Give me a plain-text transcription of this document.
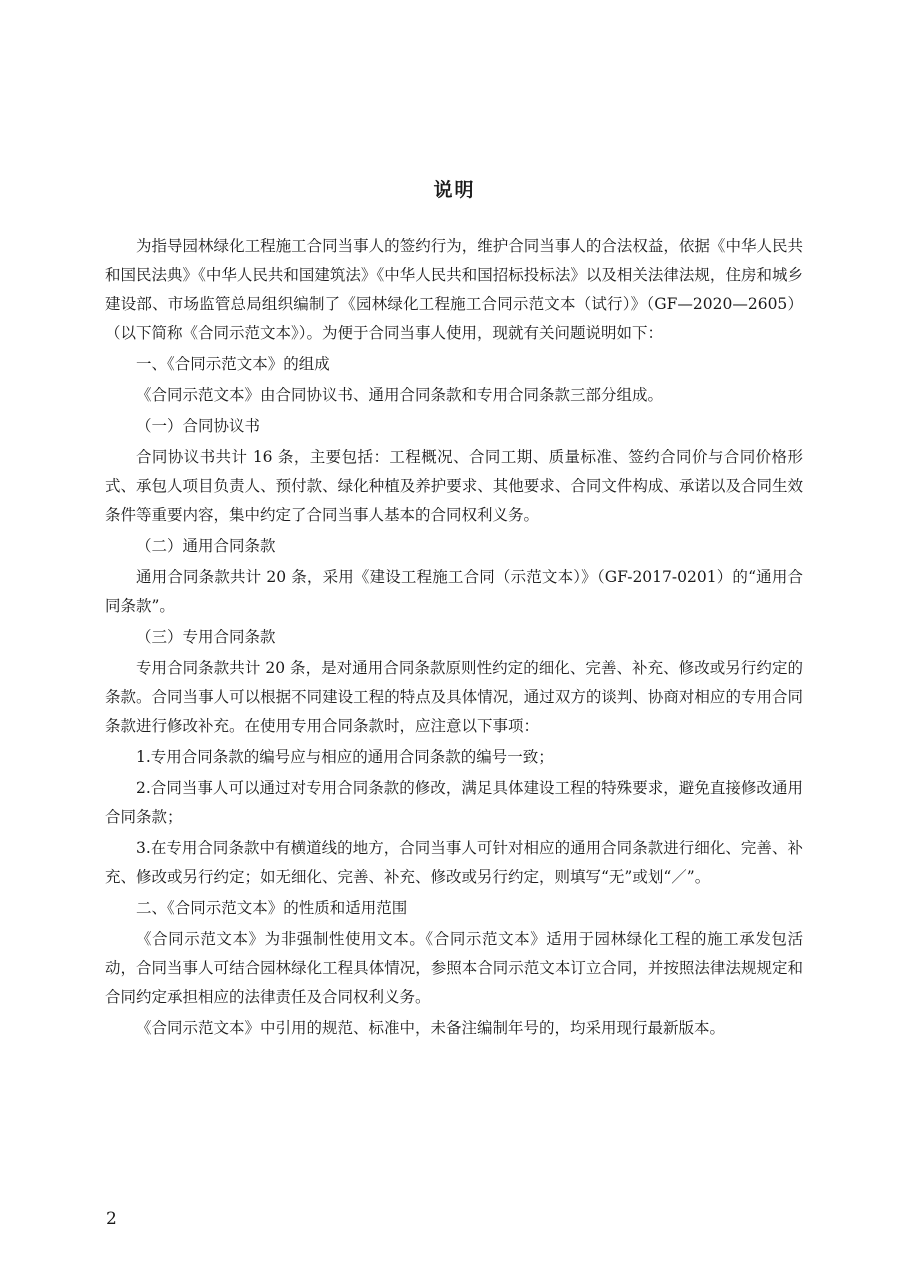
说明

为指导园林绿化工程施工合同当事人的签约行为，维护合同当事人的合法权益，依据《中华人民共和国民法典》《中华人民共和国建筑法》《中华人民共和国招标投标法》以及相关法律法规，住房和城乡建设部、市场监管总局组织编制了《园林绿化工程施工合同示范文本（试行）》（GF—2020—2605）（以下简称《合同示范文本》）。为便于合同当事人使用，现就有关问题说明如下：

一、《合同示范文本》的组成

《合同示范文本》由合同协议书、通用合同条款和专用合同条款三部分组成。

（一）合同协议书

合同协议书共计 16 条，主要包括：工程概况、合同工期、质量标准、签约合同价与合同价格形式、承包人项目负责人、预付款、绿化种植及养护要求、其他要求、合同文件构成、承诺以及合同生效条件等重要内容，集中约定了合同当事人基本的合同权利义务。

（二）通用合同条款

通用合同条款共计 20 条，采用《建设工程施工合同（示范文本）》（GF-2017-0201）的“通用合同条款”。

（三）专用合同条款

专用合同条款共计 20 条，是对通用合同条款原则性约定的细化、完善、补充、修改或另行约定的条款。合同当事人可以根据不同建设工程的特点及具体情况，通过双方的谈判、协商对相应的专用合同条款进行修改补充。在使用专用合同条款时，应注意以下事项：

1.专用合同条款的编号应与相应的通用合同条款的编号一致；

2.合同当事人可以通过对专用合同条款的修改，满足具体建设工程的特殊要求，避免直接修改通用合同条款；

3.在专用合同条款中有横道线的地方，合同当事人可针对相应的通用合同条款进行细化、完善、补充、修改或另行约定；如无细化、完善、补充、修改或另行约定，则填写“无”或划“／”。

二、《合同示范文本》的性质和适用范围

《合同示范文本》为非强制性使用文本。《合同示范文本》适用于园林绿化工程的施工承发包活动，合同当事人可结合园林绿化工程具体情况，参照本合同示范文本订立合同，并按照法律法规规定和合同约定承担相应的法律责任及合同权利义务。

《合同示范文本》中引用的规范、标准中，未备注编制年号的，均采用现行最新版本。

2
